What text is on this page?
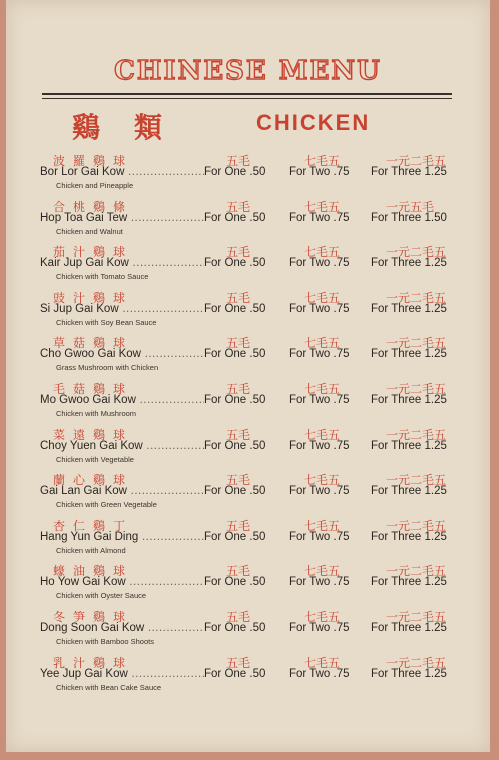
CHINESE MENU
鷄類	CHICKEN
波羅鷄球
Bor Lor Gai Kow .....
Chicken and Pineapple
五毛
For One .50
七毛五
For Two .75
一元二毛五
For Three 1.25
合桃鷄條
Hop Toa Gai Tew .....
Chicken and Walnut
五毛
For One .50
七毛五
For Two .75
一元五毛
For Three 1.50
茄汁鷄球
Kair Jup Gai Kow .....
Chicken with Tomato Sauce
五毛
For One .50
七毛五
For Two .75
一元二毛五
For Three 1.25
豉汁鷄球
Si Jup Gai Kow .....
Chicken with Soy Bean Sauce
五毛
For One .50
七毛五
For Two .75
一元二毛五
For Three 1.25
草菇鷄球
Cho Gwoo Gai Kow .....
Grass Mushroom with Chicken
五毛
For One .50
七毛五
For Two .75
一元二毛五
For Three 1.25
毛菇鷄球
Mo Gwoo Gai Kow .....
Chicken with Mushroom
五毛
For One .50
七毛五
For Two .75
一元二毛五
For Three 1.25
菜遠鷄球
Choy Yuen Gai Kow .....
Chicken with Vegetable
五毛
For One .50
七毛五
For Two .75
一元二毛五
For Three 1.25
蘭心鷄球
Gai Lan Gai Kow .....
Chicken with Green Vegetable
五毛
For One .50
七毛五
For Two .75
一元二毛五
For Three 1.25
杏仁鷄丁
Hang Yun Gai Ding .....
Chicken with Almond
五毛
For One .50
七毛五
For Two .75
一元二毛五
For Three 1.25
蠔油鷄球
Ho Yow Gai Kow .....
Chicken with Oyster Sauce
五毛
For One .50
七毛五
For Two .75
一元二毛五
For Three 1.25
冬笋鷄球
Dong Soon Gai Kow .....
Chicken with Bamboo Shoots
五毛
For One .50
七毛五
For Two .75
一元二毛五
For Three 1.25
乳汁鷄球
Yee Jup Gai Kow .....
Chicken with Bean Cake Sauce
五毛
For One .50
七毛五
For Two .75
一元二毛五
For Three 1.25
